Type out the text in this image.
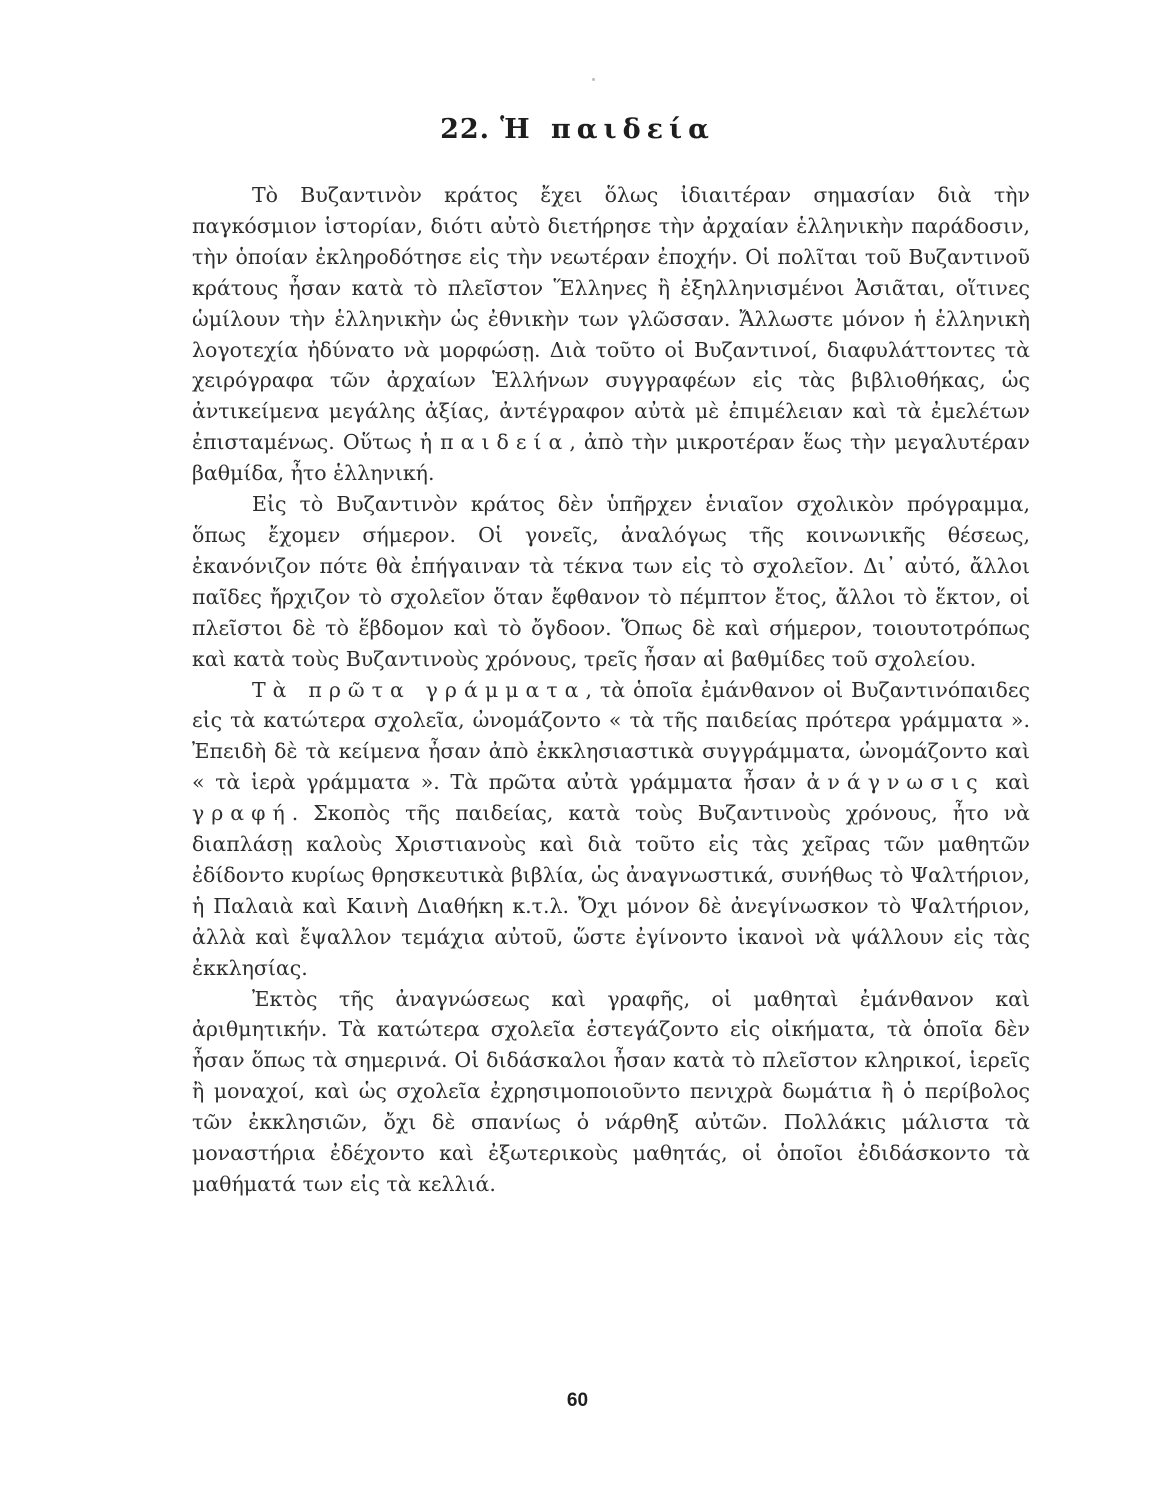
22. Ἡ παιδεία

Τὸ Βυζαντινὸν κράτος ἔχει ὅλως ἰδιαιτέραν σημασίαν διὰ τὴν παγκόσμιον ἱστορίαν, διότι αὐτὸ διετήρησε τὴν ἀρχαίαν ἑλληνικὴν παράδοσιν, τὴν ὁποίαν ἐκληροδότησε εἰς τὴν νεωτέραν ἐποχήν. Οἱ πολῖται τοῦ Βυζαντινοῦ κράτους ἦσαν κατὰ τὸ πλεῖστον Ἕλληνες ἢ ἐξηλληνισμένοι Ἀσιᾶται, οἵτινες ὡμίλουν τὴν ἑλληνικὴν ὡς ἐθνικὴν των γλῶσσαν. Ἄλλωστε μόνον ἡ ἑλληνικὴ λογοτεχία ἠδύνατο νὰ μορφώσῃ. Διὰ τοῦτο οἱ Βυζαντινοί, διαφυλάττοντες τὰ χειρόγραφα τῶν ἀρχαίων Ἑλλήνων συγγραφέων εἰς τὰς βιβλιοθήκας, ὡς ἀντικείμενα μεγάλης ἀξίας, ἀντέγραφον αὐτὰ μὲ ἐπιμέλειαν καὶ τὰ ἐμελέτων ἐπισταμένως. Οὕτως ἡ παιδεία, ἀπὸ τὴν μικροτέραν ἕως τὴν μεγαλυτέραν βαθμίδα, ἦτο ἑλληνική.

Εἰς τὸ Βυζαντινὸν κράτος δὲν ὑπῆρχεν ἑνιαῖον σχολικὸν πρόγραμμα, ὅπως ἔχομεν σήμερον. Οἱ γονεῖς, ἀναλόγως τῆς κοινωνικῆς θέσεως, ἐκανόνιζον πότε θὰ ἐπήγαιναν τὰ τέκνα των εἰς τὸ σχολεῖον. Δι᾽ αὐτό, ἄλλοι παῖδες ἤρχιζον τὸ σχολεῖον ὅταν ἔφθανον τὸ πέμπτον ἔτος, ἄλλοι τὸ ἕκτον, οἱ πλεῖστοι δὲ τὸ ἕβδομον καὶ τὸ ὄγδοον. Ὅπως δὲ καὶ σήμερον, τοιουτοτρόπως καὶ κατὰ τοὺς Βυζαντινοὺς χρόνους, τρεῖς ἦσαν αἱ βαθμίδες τοῦ σχολείου.

Τὰ πρῶτα γράμματα, τὰ ὁποῖα ἐμάνθανον οἱ Βυζαντινόπαιδες εἰς τὰ κατώτερα σχολεῖα, ὠνομάζοντο « τὰ τῆς παιδείας πρότερα γράμματα ». Ἐπειδὴ δὲ τὰ κείμενα ἦσαν ἀπὸ ἐκκλησιαστικὰ συγγράμματα, ὠνομάζοντο καὶ « τὰ ἱερὰ γράμματα ». Τὰ πρῶτα αὐτὰ γράμματα ἦσαν ἀνάγνωσις καὶ γραφή. Σκοπὸς τῆς παιδείας, κατὰ τοὺς Βυζαντινοὺς χρόνους, ἦτο νὰ διαπλάσῃ καλοὺς Χριστιανοὺς καὶ διὰ τοῦτο εἰς τὰς χεῖρας τῶν μαθητῶν ἐδίδοντο κυρίως θρησκευτικὰ βιβλία, ὡς ἀναγνωστικά, συνήθως τὸ Ψαλτήριον, ἡ Παλαιὰ καὶ Καινὴ Διαθήκη κ.τ.λ. Ὄχι μόνον δὲ ἀνεγίνωσκον τὸ Ψαλτήριον, ἀλλὰ καὶ ἔψαλλον τεμάχια αὐτοῦ, ὥστε ἐγίνοντο ἱκανοὶ νὰ ψάλλουν εἰς τὰς ἐκκλησίας.

Ἐκτὸς τῆς ἀναγνώσεως καὶ γραφῆς, οἱ μαθηταὶ ἐμάνθανον καὶ ἀριθμητικήν. Τὰ κατώτερα σχολεῖα ἐστεγάζοντο εἰς οἰκήματα, τὰ ὁποῖα δὲν ἦσαν ὅπως τὰ σημερινά. Οἱ διδάσκαλοι ἦσαν κατὰ τὸ πλεῖστον κληρικοί, ἱερεῖς ἢ μοναχοί, καὶ ὡς σχολεῖα ἐχρησιμοποιοῦντο πενιχρὰ δωμάτια ἢ ὁ περίβολος τῶν ἐκκλησιῶν, ὄχι δὲ σπανίως ὁ νάρθηξ αὐτῶν. Πολλάκις μάλιστα τὰ μοναστήρια ἐδέχοντο καὶ ἐξωτερικοὺς μαθητάς, οἱ ὁποῖοι ἐδιδάσκοντο τὰ μαθήματά των εἰς τὰ κελλιά.

60
